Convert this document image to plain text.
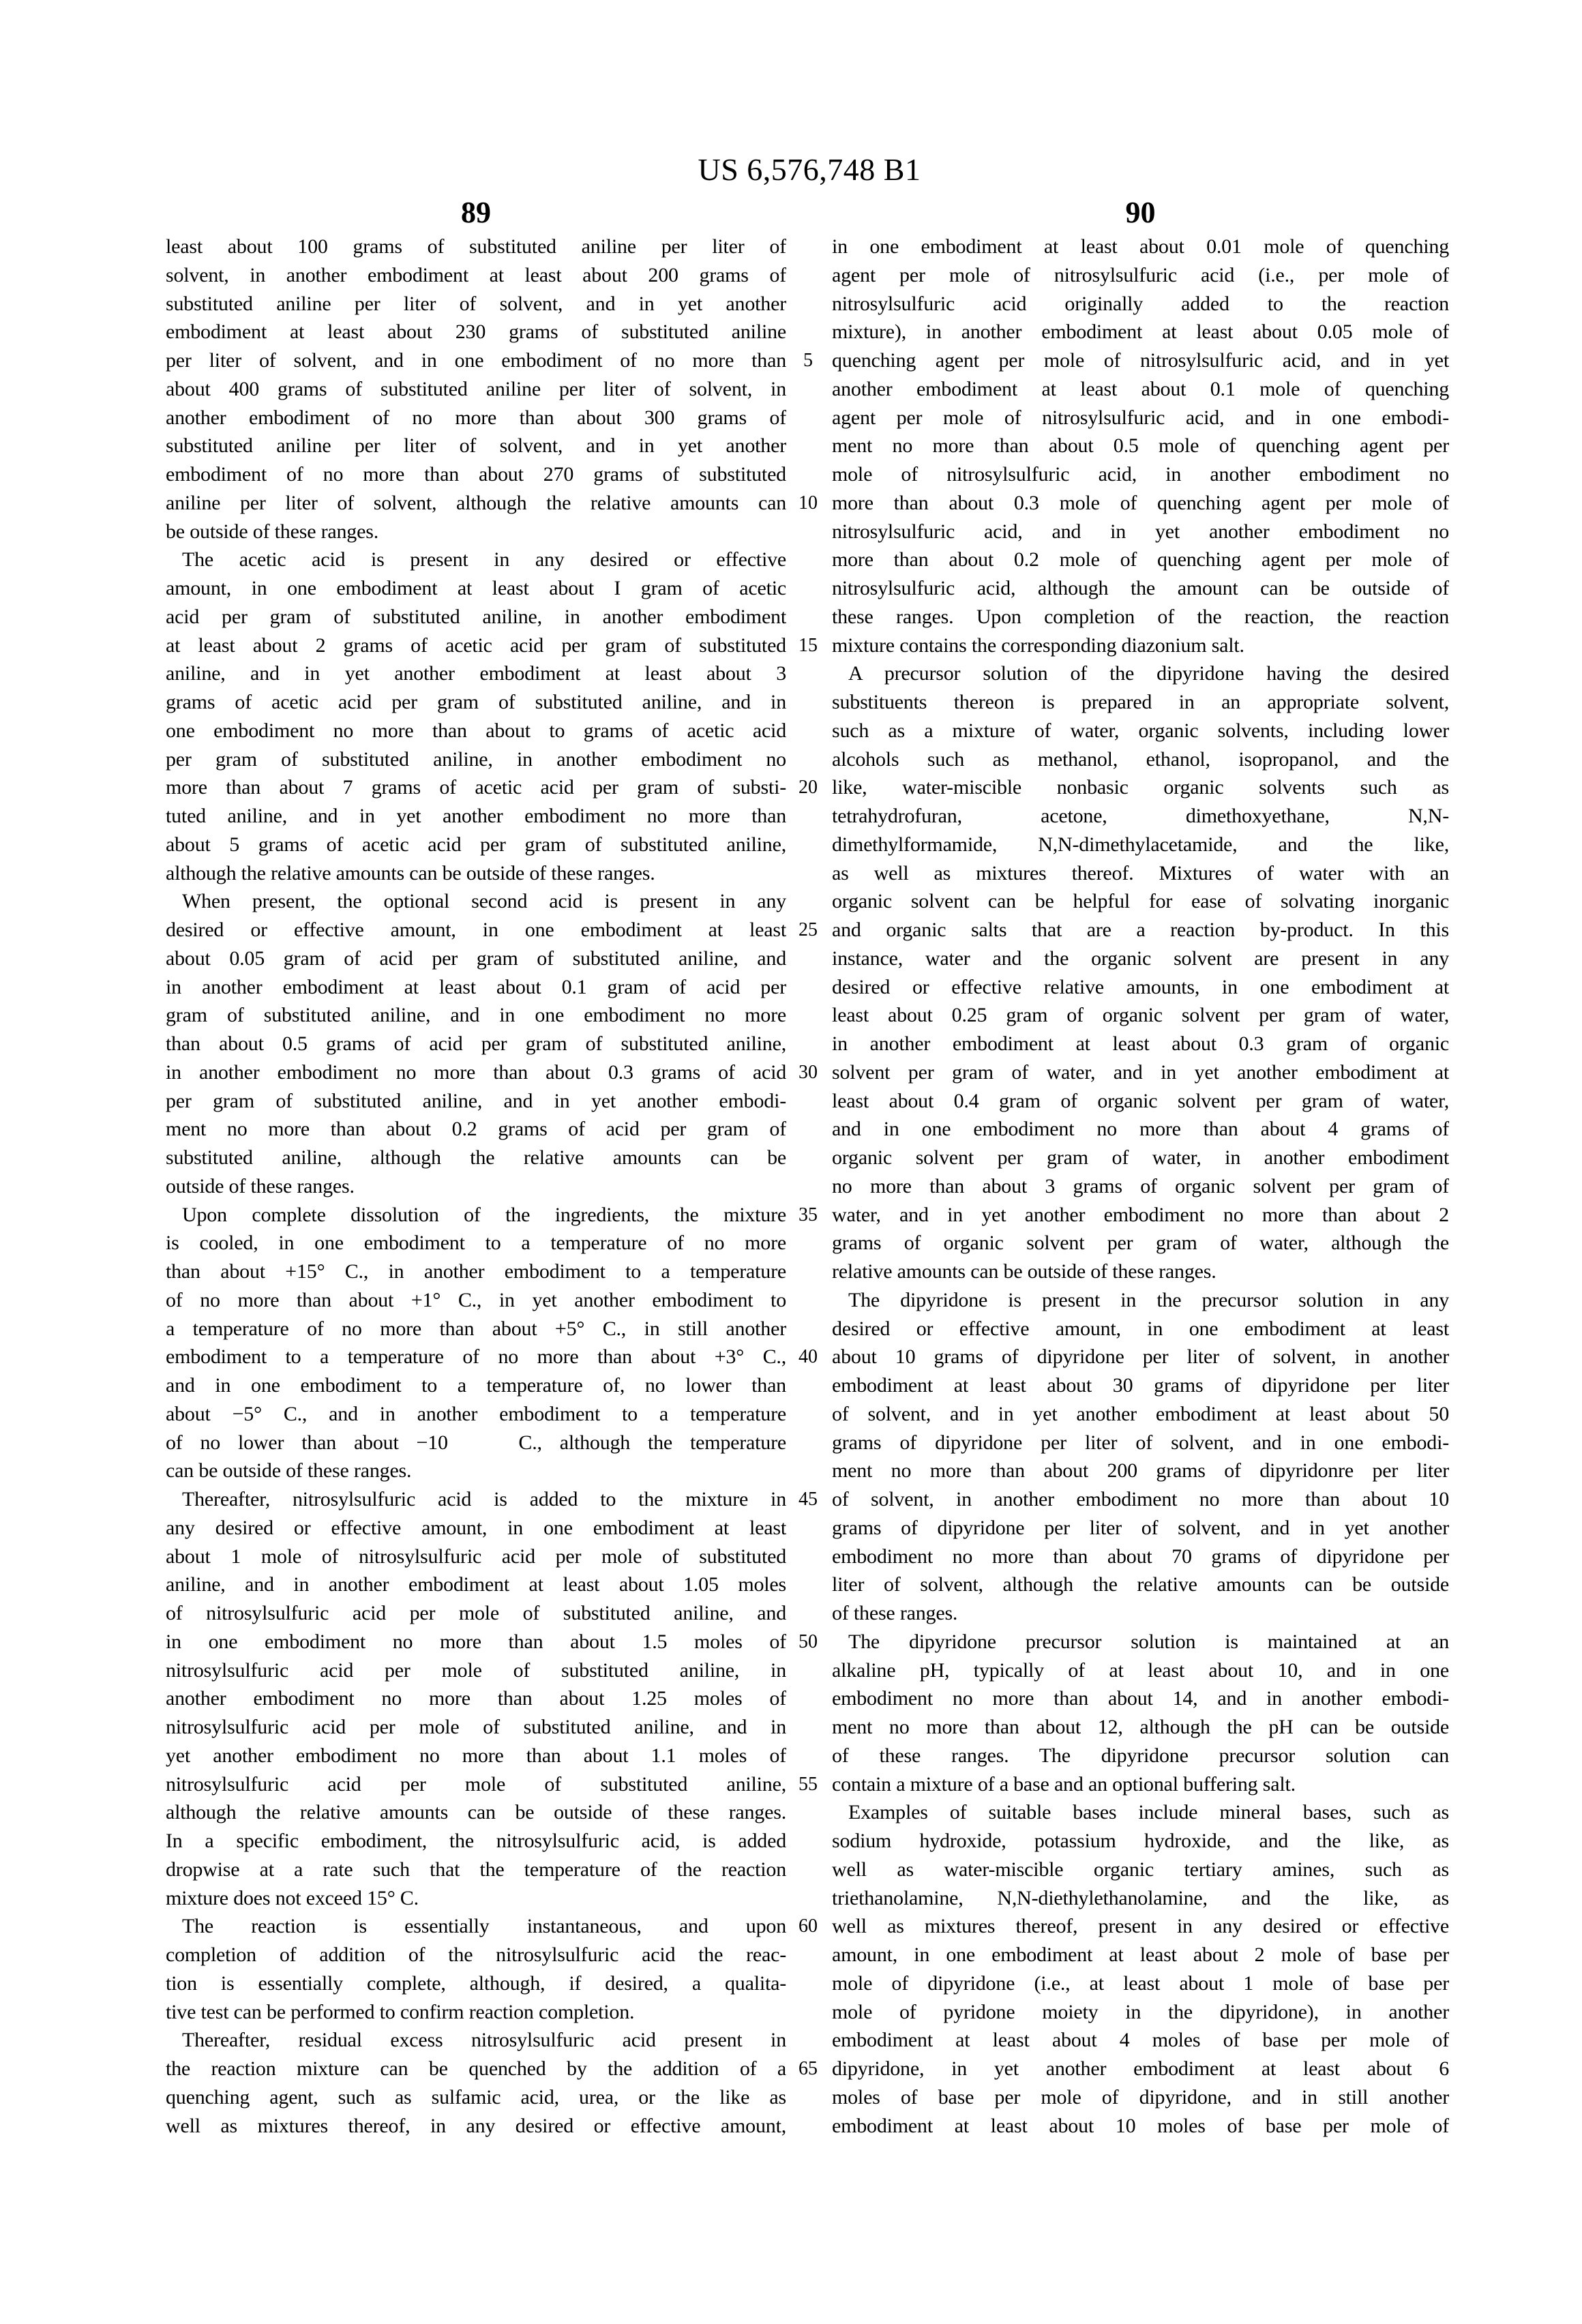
US 6,576,748 B1
89	90
least about 100 grams of substituted aniline per liter of
solvent, in another embodiment at least about 200 grams of
substituted aniline per liter of solvent, and in yet another
embodiment at least about 230 grams of substituted aniline
per liter of solvent, and in one embodiment of no more than
about 400 grams of substituted aniline per liter of solvent, in
another embodiment of no more than about 300 grams of
substituted aniline per liter of solvent, and in yet another
embodiment of no more than about 270 grams of substituted
aniline per liter of solvent, although the relative amounts can
be outside of these ranges.
The acetic acid is present in any desired or effective
amount, in one embodiment at least about I gram of acetic
acid per gram of substituted aniline, in another embodiment
at least about 2 grams of acetic acid per gram of substituted
aniline, and in yet another embodiment at least about 3
grams of acetic acid per gram of substituted aniline, and in
one embodiment no more than about to grams of acetic acid
per gram of substituted aniline, in another embodiment no
more than about 7 grams of acetic acid per gram of substi-
tuted aniline, and in yet another embodiment no more than
about 5 grams of acetic acid per gram of substituted aniline,
although the relative amounts can be outside of these ranges.
When present, the optional second acid is present in any
desired or effective amount, in one embodiment at least
about 0.05 gram of acid per gram of substituted aniline, and
in another embodiment at least about 0.1 gram of acid per
gram of substituted aniline, and in one embodiment no more
than about 0.5 grams of acid per gram of substituted aniline,
in another embodiment no more than about 0.3 grams of acid
per gram of substituted aniline, and in yet another embodi-
ment no more than about 0.2 grams of acid per gram of
substituted aniline, although the relative amounts can be
outside of these ranges.
Upon complete dissolution of the ingredients, the mixture
is cooled, in one embodiment to a temperature of no more
than about +15° C., in another embodiment to a temperature
of no more than about +1° C., in yet another embodiment to
a temperature of no more than about +5° C., in still another
embodiment to a temperature of no more than about +3° C.,
and in one embodiment to a temperature of, no lower than
about −5° C., and in another embodiment to a temperature
of no lower than about −10    C., although the temperature
can be outside of these ranges.
Thereafter, nitrosylsulfuric acid is added to the mixture in
any desired or effective amount, in one embodiment at least
about 1 mole of nitrosylsulfuric acid per mole of substituted
aniline, and in another embodiment at least about 1.05 moles
of nitrosylsulfuric acid per mole of substituted aniline, and
in one embodiment no more than about 1.5 moles of
nitrosylsulfuric acid per mole of substituted aniline, in
another embodiment no more than about 1.25 moles of
nitrosylsulfuric acid per mole of substituted aniline, and in
yet another embodiment no more than about 1.1 moles of
nitrosylsulfuric acid per mole of substituted aniline,
although the relative amounts can be outside of these ranges.
In a specific embodiment, the nitrosylsulfuric acid, is added
dropwise at a rate such that the temperature of the reaction
mixture does not exceed 15° C.
The reaction is essentially instantaneous, and upon
completion of addition of the nitrosylsulfuric acid the reac-
tion is essentially complete, although, if desired, a qualita-
tive test can be performed to confirm reaction completion.
Thereafter, residual excess nitrosylsulfuric acid present in
the reaction mixture can be quenched by the addition of a
quenching agent, such as sulfamic acid, urea, or the like as
well as mixtures thereof, in any desired or effective amount,
in one embodiment at least about 0.01 mole of quenching
agent per mole of nitrosylsulfuric acid (i.e., per mole of
nitrosylsulfuric acid originally added to the reaction
mixture), in another embodiment at least about 0.05 mole of
quenching agent per mole of nitrosylsulfuric acid, and in yet
another embodiment at least about 0.1 mole of quenching
agent per mole of nitrosylsulfuric acid, and in one embodi-
ment no more than about 0.5 mole of quenching agent per
mole of nitrosylsulfuric acid, in another embodiment no
more than about 0.3 mole of quenching agent per mole of
nitrosylsulfuric acid, and in yet another embodiment no
more than about 0.2 mole of quenching agent per mole of
nitrosylsulfuric acid, although the amount can be outside of
these ranges. Upon completion of the reaction, the reaction
mixture contains the corresponding diazonium salt.
A precursor solution of the dipyridone having the desired
substituents thereon is prepared in an appropriate solvent,
such as a mixture of water, organic solvents, including lower
alcohols such as methanol, ethanol, isopropanol, and the
like, water-miscible nonbasic organic solvents such as
tetrahydrofuran, acetone, dimethoxyethane, N,N-
dimethylformamide, N,N-dimethylacetamide, and the like,
as well as mixtures thereof. Mixtures of water with an
organic solvent can be helpful for ease of solvating inorganic
and organic salts that are a reaction by-product. In this
instance, water and the organic solvent are present in any
desired or effective relative amounts, in one embodiment at
least about 0.25 gram of organic solvent per gram of water,
in another embodiment at least about 0.3 gram of organic
solvent per gram of water, and in yet another embodiment at
least about 0.4 gram of organic solvent per gram of water,
and in one embodiment no more than about 4 grams of
organic solvent per gram of water, in another embodiment
no more than about 3 grams of organic solvent per gram of
water, and in yet another embodiment no more than about 2
grams of organic solvent per gram of water, although the
relative amounts can be outside of these ranges.
The dipyridone is present in the precursor solution in any
desired or effective amount, in one embodiment at least
about 10 grams of dipyridone per liter of solvent, in another
embodiment at least about 30 grams of dipyridone per liter
of solvent, and in yet another embodiment at least about 50
grams of dipyridone per liter of solvent, and in one embodi-
ment no more than about 200 grams of dipyridonre per liter
of solvent, in another embodiment no more than about 10
grams of dipyridone per liter of solvent, and in yet another
embodiment no more than about 70 grams of dipyridone per
liter of solvent, although the relative amounts can be outside
of these ranges.
The dipyridone precursor solution is maintained at an
alkaline pH, typically of at least about 10, and in one
embodiment no more than about 14, and in another embodi-
ment no more than about 12, although the pH can be outside
of these ranges. The dipyridone precursor solution can
contain a mixture of a base and an optional buffering salt.
Examples of suitable bases include mineral bases, such as
sodium hydroxide, potassium hydroxide, and the like, as
well as water-miscible organic tertiary amines, such as
triethanolamine, N,N-diethylethanolamine, and the like, as
well as mixtures thereof, present in any desired or effective
amount, in one embodiment at least about 2 mole of base per
mole of dipyridone (i.e., at least about 1 mole of base per
mole of pyridone moiety in the dipyridone), in another
embodiment at least about 4 moles of base per mole of
dipyridone, in yet another embodiment at least about 6
moles of base per mole of dipyridone, and in still another
embodiment at least about 10 moles of base per mole of
5
10
15
20
25
30
35
40
45
50
55
60
65
